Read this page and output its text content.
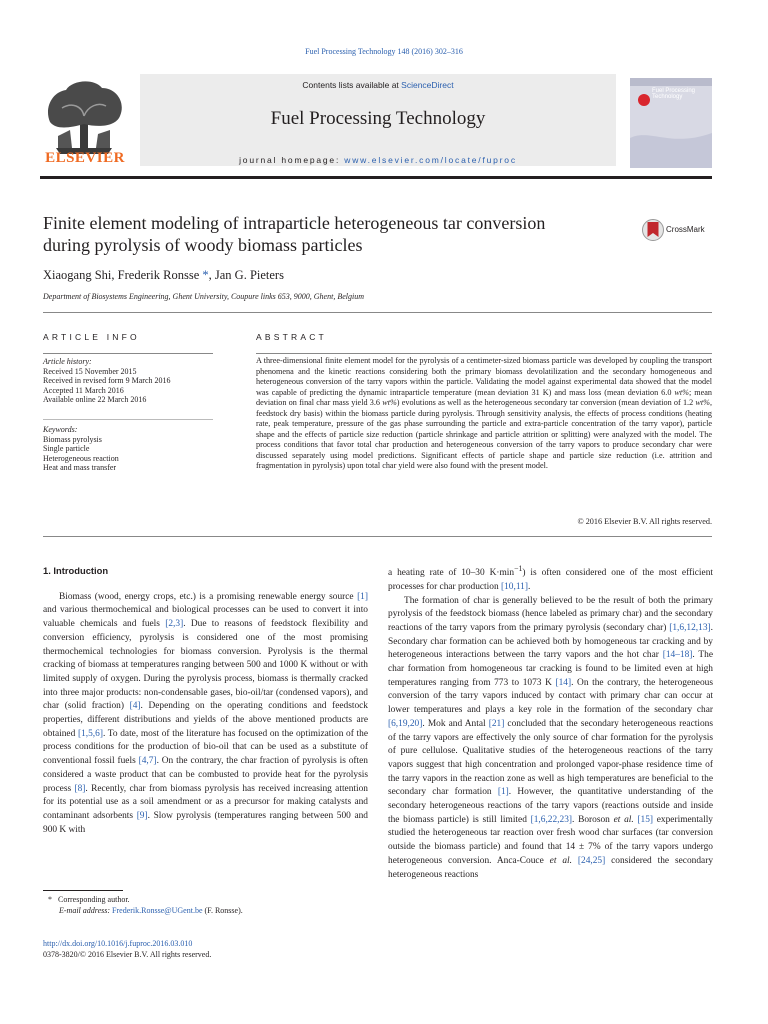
Fuel Processing Technology 148 (2016) 302–316
ELSEVIER
Contents lists available at ScienceDirect
Fuel Processing Technology
journal homepage: www.elsevier.com/locate/fuproc
Fuel Processing Technology
Finite element modeling of intraparticle heterogeneous tar conversion
during pyrolysis of woody biomass particles
CrossMark
Xiaogang Shi, Frederik Ronsse *, Jan G. Pieters
Department of Biosystems Engineering, Ghent University, Coupure links 653, 9000, Ghent, Belgium
ARTICLE INFO	ABSTRACT
Article history:
Received 15 November 2015
Received in revised form 9 March 2016
Accepted 11 March 2016
Available online 22 March 2016
Keywords:
Biomass pyrolysis
Single particle
Heterogeneous reaction
Heat and mass transfer
A three-dimensional finite element model for the pyrolysis of a centimeter-sized biomass particle was developed by coupling the transport phenomena and the kinetic reactions considering both the primary biomass devolatilization and the secondary homogeneous and heterogeneous conversion of the tarry vapors within the particle. Validating the model against experimental data showed that the model was capable of predicting the dynamic intraparticle temperature (mean deviation 31 K) and mass loss (mean deviation 6.0 wt%; mean deviation on final char mass yield 3.6 wt%) evolutions as well as the heterogeneous secondary tar conversion (mean deviation of 1.2 wt%, feedstock dry basis) within the biomass particle during pyrolysis. Through sensitivity analysis, the effects of process conditions (heating rate, peak temperature, pressure of the gas phase surrounding the particle and extra-particle concentration of the tarry vapor), particle shape and the effects of particle size reduction (particle shrinkage and particle attrition or splitting) were analyzed with the model. The process conditions that favor total char production and heterogeneous conversion of the tarry vapors to produce secondary char were discussed separately using model predictions. Significant effects of particle shape and particle size reduction (i.e. attrition and fragmentation in pyrolysis) upon total char yield were also found with the present model.
© 2016 Elsevier B.V. All rights reserved.
1. Introduction

Biomass (wood, energy crops, etc.) is a promising renewable energy source [1] and various thermochemical and biological processes can be used to convert it into valuable chemicals and fuels [2,3]. Due to reasons of feedstock flexibility and conversion efficiency, pyrolysis is considered one of the most promising thermochemical technologies for biomass conversion. Pyrolysis is the thermal cracking of biomass at temperatures ranging between 500 and 1000 K without or with limited supply of oxygen. During the pyrolysis process, biomass is thermally cracked into three major products: non-condensable gases, bio-oil/tar (condensed vapors), and char (solid fraction) [4]. Depending on the operating conditions and feedstock properties, different distributions and yields of the above mentioned products are obtained [1,5,6]. To date, most of the literature has focused on the optimization of the process conditions for the production of bio-oil that can be used as a substitute of conventional fossil fuels [4,7]. On the contrary, the char fraction of pyrolysis is often considered a waste product that can be combusted to provide heat for the pyrolysis process [8]. Recently, char from biomass pyrolysis has received increasing attention for its potential use as a soil amendment or as a precursor for making catalysts and contaminant adsorbents [9]. Slow pyrolysis (temperatures ranging between 500 and 900 K with

a heating rate of 10–30 $K\cdot\min^{-1}$) is often considered one of the most efficient processes for char production [10,11].

The formation of char is generally believed to be the result of both the primary pyrolysis of the feedstock biomass (hence labeled as primary char) and the secondary reactions of the tarry vapors from the primary pyrolysis (secondary char) [1,6,12,13]. Secondary char formation can be achieved both by homogeneous tar cracking and by heterogeneous interactions between the tarry vapors and the hot char [14–18]. The char formation from homogeneous tar cracking is found to be limited even at high temperatures ranging from 773 to 1073 K [14]. On the contrary, the heterogeneous conversion of the tarry vapors induced by contact with primary char can occur at lower temperatures and plays a key role in the formation of the secondary char [6,19,20]. Mok and Antal [21] concluded that the secondary heterogeneous reactions of the tarry vapors are effectively the only source of char formation for the pyrolysis of pure cellulose. Qualitative studies of the heterogeneous reactions of the tarry vapors suggest that high concentration and prolonged vapor-phase residence time of the tarry vapors in the reaction zone as well as high temperatures are beneficial to the secondary char formation [1]. However, the quantitative understanding of the secondary heterogeneous reactions of the tarry vapors (reactions outside and inside the biomass particle) is still limited [1,6,22,23]. Boroson et al. [15] experimentally studied the heterogeneous tar reaction over fresh wood char surfaces (tar conversion outside the biomass particle) and found that 14 ± 7% of the tarry vapors undergo heterogeneous conversion. Anca-Couce et al. [24,25] considered the secondary heterogeneous reactions

* Corresponding author.
E-mail address: Frederik.Ronsse@UGent.be (F. Ronsse).
http://dx.doi.org/10.1016/j.fuproc.2016.03.010
0378-3820/© 2016 Elsevier B.V. All rights reserved.
